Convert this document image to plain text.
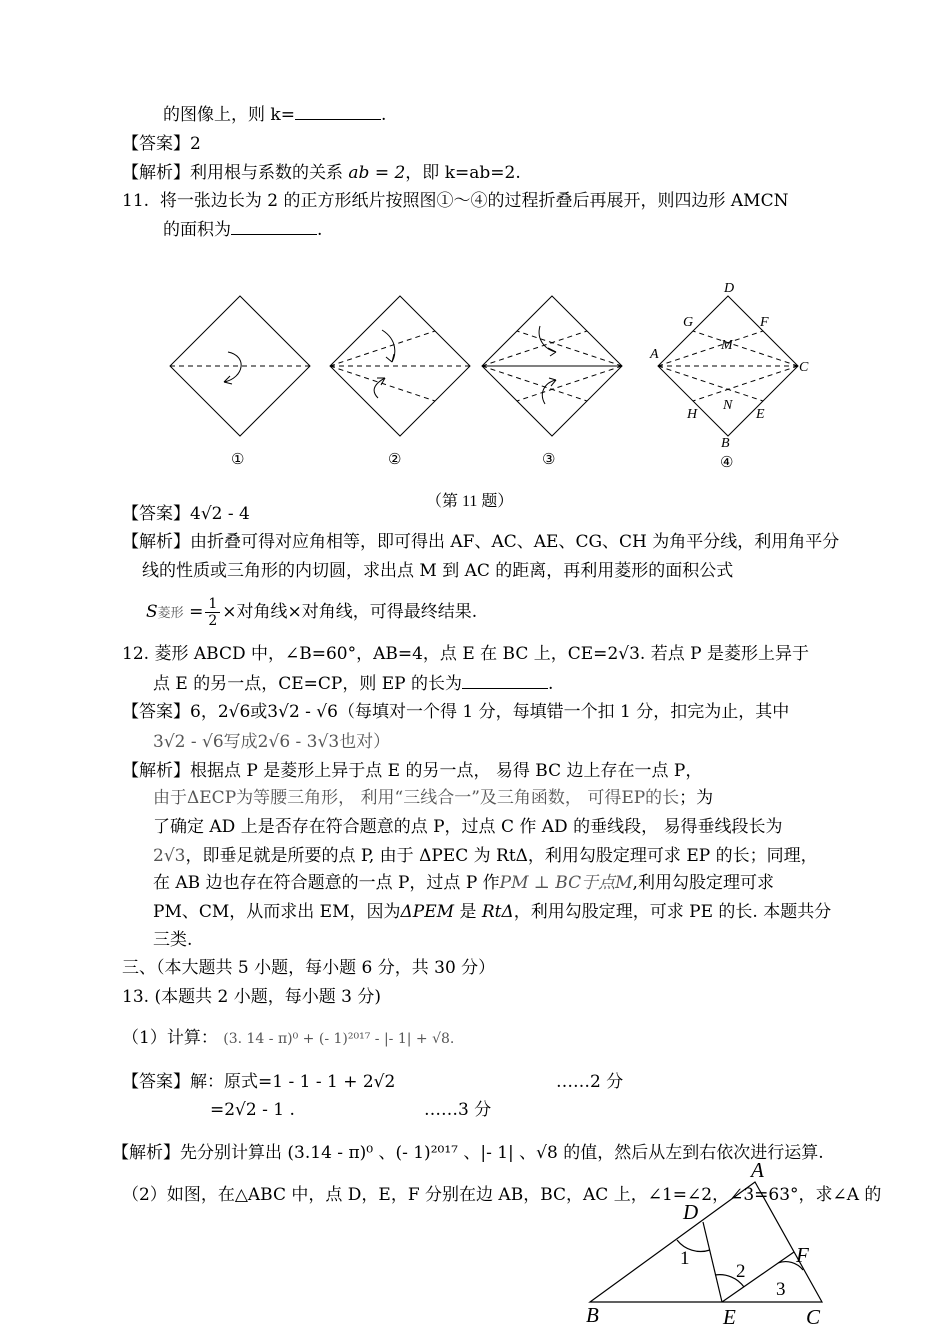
的图像上，则 k=	.
【答案】2
【解析】利用根与系数的关系 ab = 2，即 k=ab=2.
11. 将一张边长为 2 的正方形纸片按照图①～④的过程折叠后再展开，则四边形 AMCN
的面积为	.
D
G	F
M
A
C
N
H	E
B
①	②	③	④
（第 11 题）
【答案】4√2 - 4
【解析】由折叠可得对应角相等，即可得出 AF、AC、AE、CG、CH 为角平分线，利用角平分
线的性质或三角形的内切圆，求出点 M 到 AC 的距离，再利用菱形的面积公式
S菱形 = $\frac{1}{2}$ ×对角线×对角线，可得最终结果.
12. 菱形 ABCD 中，∠B=60°，AB=4，点 E 在 BC 上，CE=2√3. 若点 P 是菱形上异于
点 E 的另一点，CE=CP，则 EP 的长为	.
【答案】6，2√6或3√2 - √6（每填对一个得 1 分，每填错一个扣 1 分，扣完为止，其中
3√2 - √6写成2√6 - 3√3也对）
【解析】根据点 P 是菱形上异于点 E 的另一点， 易得 BC 边上存在一点 P，
由于ΔECP为等腰三角形， 利用“三线合一”及三角函数， 可得EP的长；为
了确定 AD 上是否存在符合题意的点 P，过点 C 作 AD 的垂线段， 易得垂线段长为
2√3，即垂足就是所要的点 P, 由于 ΔPEC 为 RtΔ，利用勾股定理可求 EP 的长；同理，
在 AB 边也存在符合题意的一点 P，过点 P 作PM ⊥ BC于点M,利用勾股定理可求
PM、CM，从而求出 EM，因为ΔPEM 是 RtΔ，利用勾股定理，可求 PE 的长. 本题共分
三类.
三、（本大题共 5 小题，每小题 6 分，共 30 分）
13. (本题共 2 小题，每小题 3 分)
（1）计算： (3. 14 - π)⁰ + (- 1)²⁰¹⁷ - |- 1| + √8.
【答案】解：原式=1 - 1 - 1 + 2√2	……2 分
=2√2 - 1 .	……3 分
【解析】先分别计算出 (3.14 - π)⁰ 、(- 1)²⁰¹⁷ 、|- 1| 、√8 的值，然后从左到右依次进行运算.
（2）如图，在△ABC 中，点 D，E，F 分别在边 AB，BC，AC 上，∠1=∠2，∠3=63°，求∠A 的
A
B	C
D
E
F
1
2
3
